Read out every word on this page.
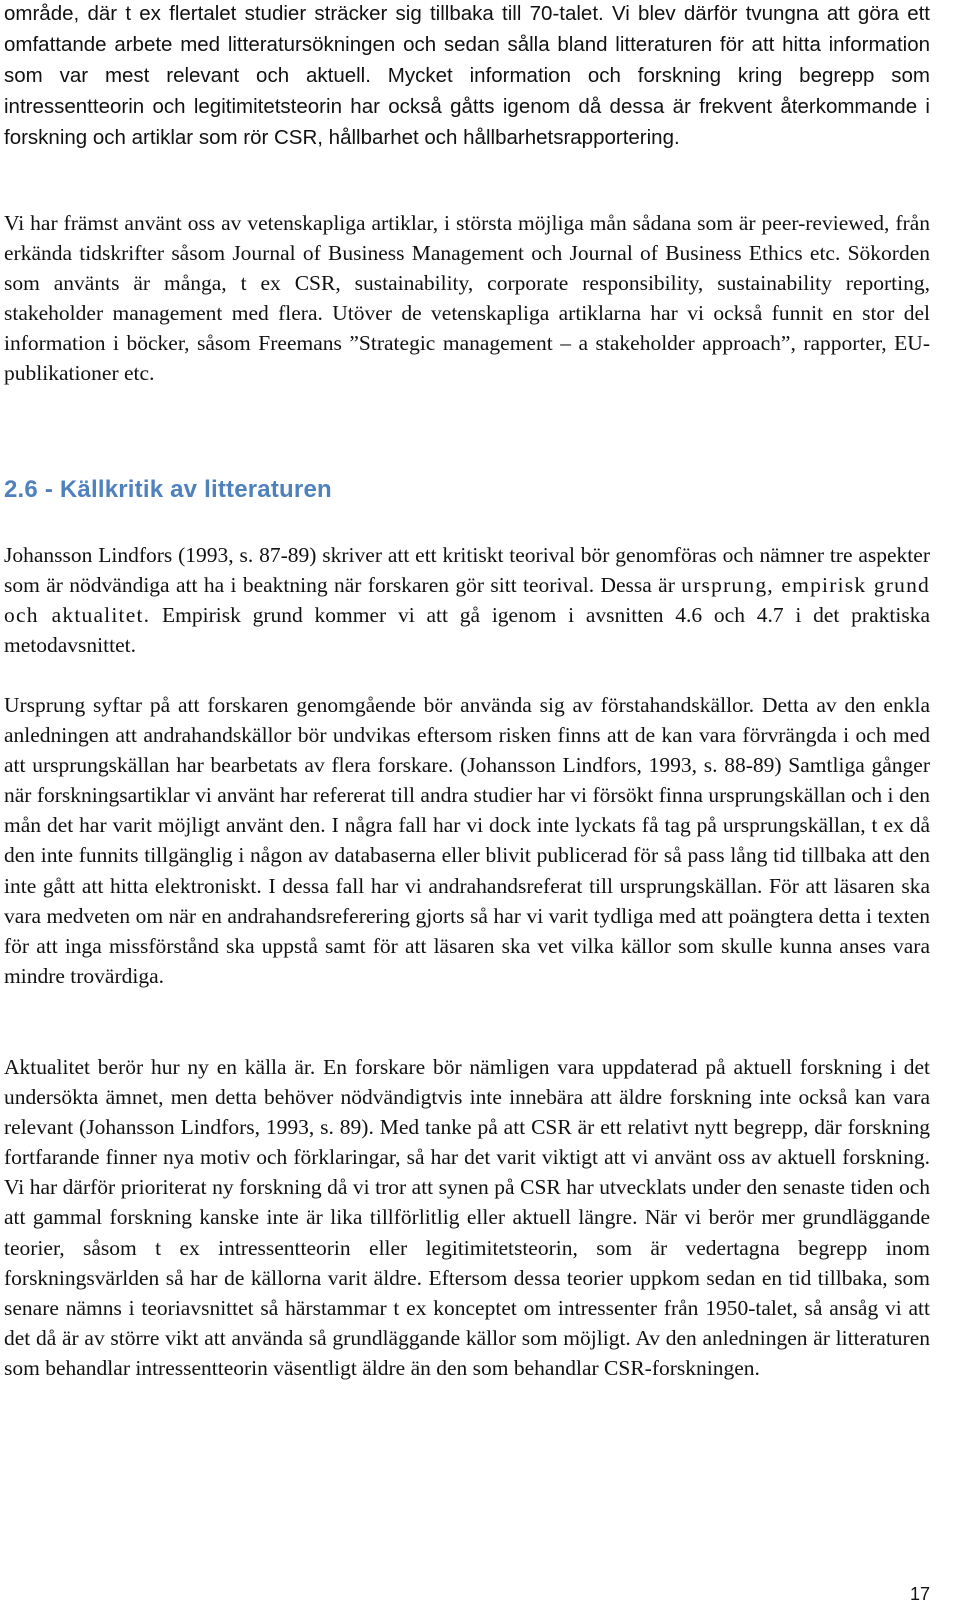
område, där t ex flertalet studier sträcker sig tillbaka till 70-talet. Vi blev därför tvungna att göra ett omfattande arbete med litteratursökningen och sedan sålla bland litteraturen för att hitta information som var mest relevant och aktuell. Mycket information och forskning kring begrepp som intressentteorin och legitimitetsteorin har också gåtts igenom då dessa är frekvent återkommande i forskning och artiklar som rör CSR, hållbarhet och hållbarhetsrapportering.

Vi har främst använt oss av vetenskapliga artiklar, i största möjliga mån sådana som är peer-reviewed, från erkända tidskrifter såsom Journal of Business Management och Journal of Business Ethics etc. Sökorden som använts är många, t ex CSR, sustainability, corporate responsibility, sustainability reporting, stakeholder management med flera. Utöver de vetenskapliga artiklarna har vi också funnit en stor del information i böcker, såsom Freemans ”Strategic management – a stakeholder approach”, rapporter, EU-publikationer etc.

2.6 - Källkritik av litteraturen

Johansson Lindfors (1993, s. 87-89) skriver att ett kritiskt teorival bör genomföras och nämner tre aspekter som är nödvändiga att ha i beaktning när forskaren gör sitt teorival. Dessa är ursprung, empirisk grund och aktualitet. Empirisk grund kommer vi att gå igenom i avsnitten 4.6 och 4.7 i det praktiska metodavsnittet.

Ursprung syftar på att forskaren genomgående bör använda sig av förstahandskällor. Detta av den enkla anledningen att andrahandskällor bör undvikas eftersom risken finns att de kan vara förvrängda i och med att ursprungskällan har bearbetats av flera forskare. (Johansson Lindfors, 1993, s. 88-89) Samtliga gånger när forskningsartiklar vi använt har refererat till andra studier har vi försökt finna ursprungskällan och i den mån det har varit möjligt använt den. I några fall har vi dock inte lyckats få tag på ursprungskällan, t ex då den inte funnits tillgänglig i någon av databaserna eller blivit publicerad för så pass lång tid tillbaka att den inte gått att hitta elektroniskt. I dessa fall har vi andrahandsreferat till ursprungskällan. För att läsaren ska vara medveten om när en andrahandsreferering gjorts så har vi varit tydliga med att poängtera detta i texten för att inga missförstånd ska uppstå samt för att läsaren ska vet vilka källor som skulle kunna anses vara mindre trovärdiga.

Aktualitet berör hur ny en källa är. En forskare bör nämligen vara uppdaterad på aktuell forskning i det undersökta ämnet, men detta behöver nödvändigtvis inte innebära att äldre forskning inte också kan vara relevant (Johansson Lindfors, 1993, s. 89). Med tanke på att CSR är ett relativt nytt begrepp, där forskning fortfarande finner nya motiv och förklaringar, så har det varit viktigt att vi använt oss av aktuell forskning. Vi har därför prioriterat ny forskning då vi tror att synen på CSR har utvecklats under den senaste tiden och att gammal forskning kanske inte är lika tillförlitlig eller aktuell längre. När vi berör mer grundläggande teorier, såsom t ex intressentteorin eller legitimitetsteorin, som är vedertagna begrepp inom forskningsvärlden så har de källorna varit äldre. Eftersom dessa teorier uppkom sedan en tid tillbaka, som senare nämns i teoriavsnittet så härstammar t ex konceptet om intressenter från 1950-talet, så ansåg vi att det då är av större vikt att använda så grundläggande källor som möjligt. Av den anledningen är litteraturen som behandlar intressentteorin väsentligt äldre än den som behandlar CSR-forskningen.

17
